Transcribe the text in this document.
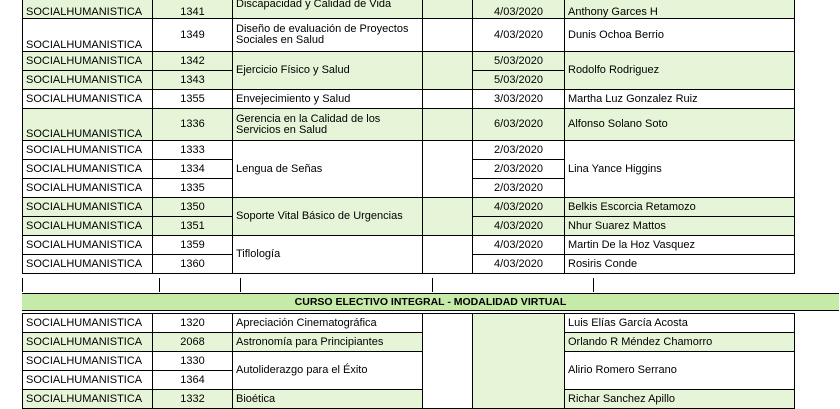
SOCIALHUMANISTICA	1341	Discapacidad y Calidad de Vida		4/03/2020	Anthony Garces H
SOCIALHUMANISTICA	1349	Diseño de evaluación de Proyectos Sociales en Salud		4/03/2020	Dunis Ochoa Berrio
SOCIALHUMANISTICA	1342	Ejercicio Físico y Salud		5/03/2020	Rodolfo Rodriguez
SOCIALHUMANISTICA	1343			5/03/2020	
SOCIALHUMANISTICA	1355	Envejecimiento y Salud		3/03/2020	Martha Luz Gonzalez Ruiz
SOCIALHUMANISTICA	1336	Gerencia en la Calidad de los Servicios en Salud		6/03/2020	Alfonso Solano Soto
SOCIALHUMANISTICA	1333	Lengua de Señas		2/03/2020	Lina Yance Higgins
SOCIALHUMANISTICA	1334			2/03/2020	
SOCIALHUMANISTICA	1335			2/03/2020	
SOCIALHUMANISTICA	1350	Soporte Vital Básico de Urgencias		4/03/2020	Belkis Escorcia Retamozo
SOCIALHUMANISTICA	1351			4/03/2020	Nhur Suarez Mattos
SOCIALHUMANISTICA	1359	Tiflología		4/03/2020	Martin De la Hoz Vasquez
SOCIALHUMANISTICA	1360			4/03/2020	Rosiris Conde
CURSO ELECTIVO INTEGRAL - MODALIDAD VIRTUAL
SOCIALHUMANISTICA	1320	Apreciación Cinematográfica			Luis Elías García Acosta
SOCIALHUMANISTICA	2068	Astronomía para Principiantes			Orlando R Méndez Chamorro
SOCIALHUMANISTICA	1330	Autoliderazgo para el Éxito			Alirio Romero Serrano
SOCIALHUMANISTICA	1364				
SOCIALHUMANISTICA	1332	Bioética			Richar Sanchez Apillo
